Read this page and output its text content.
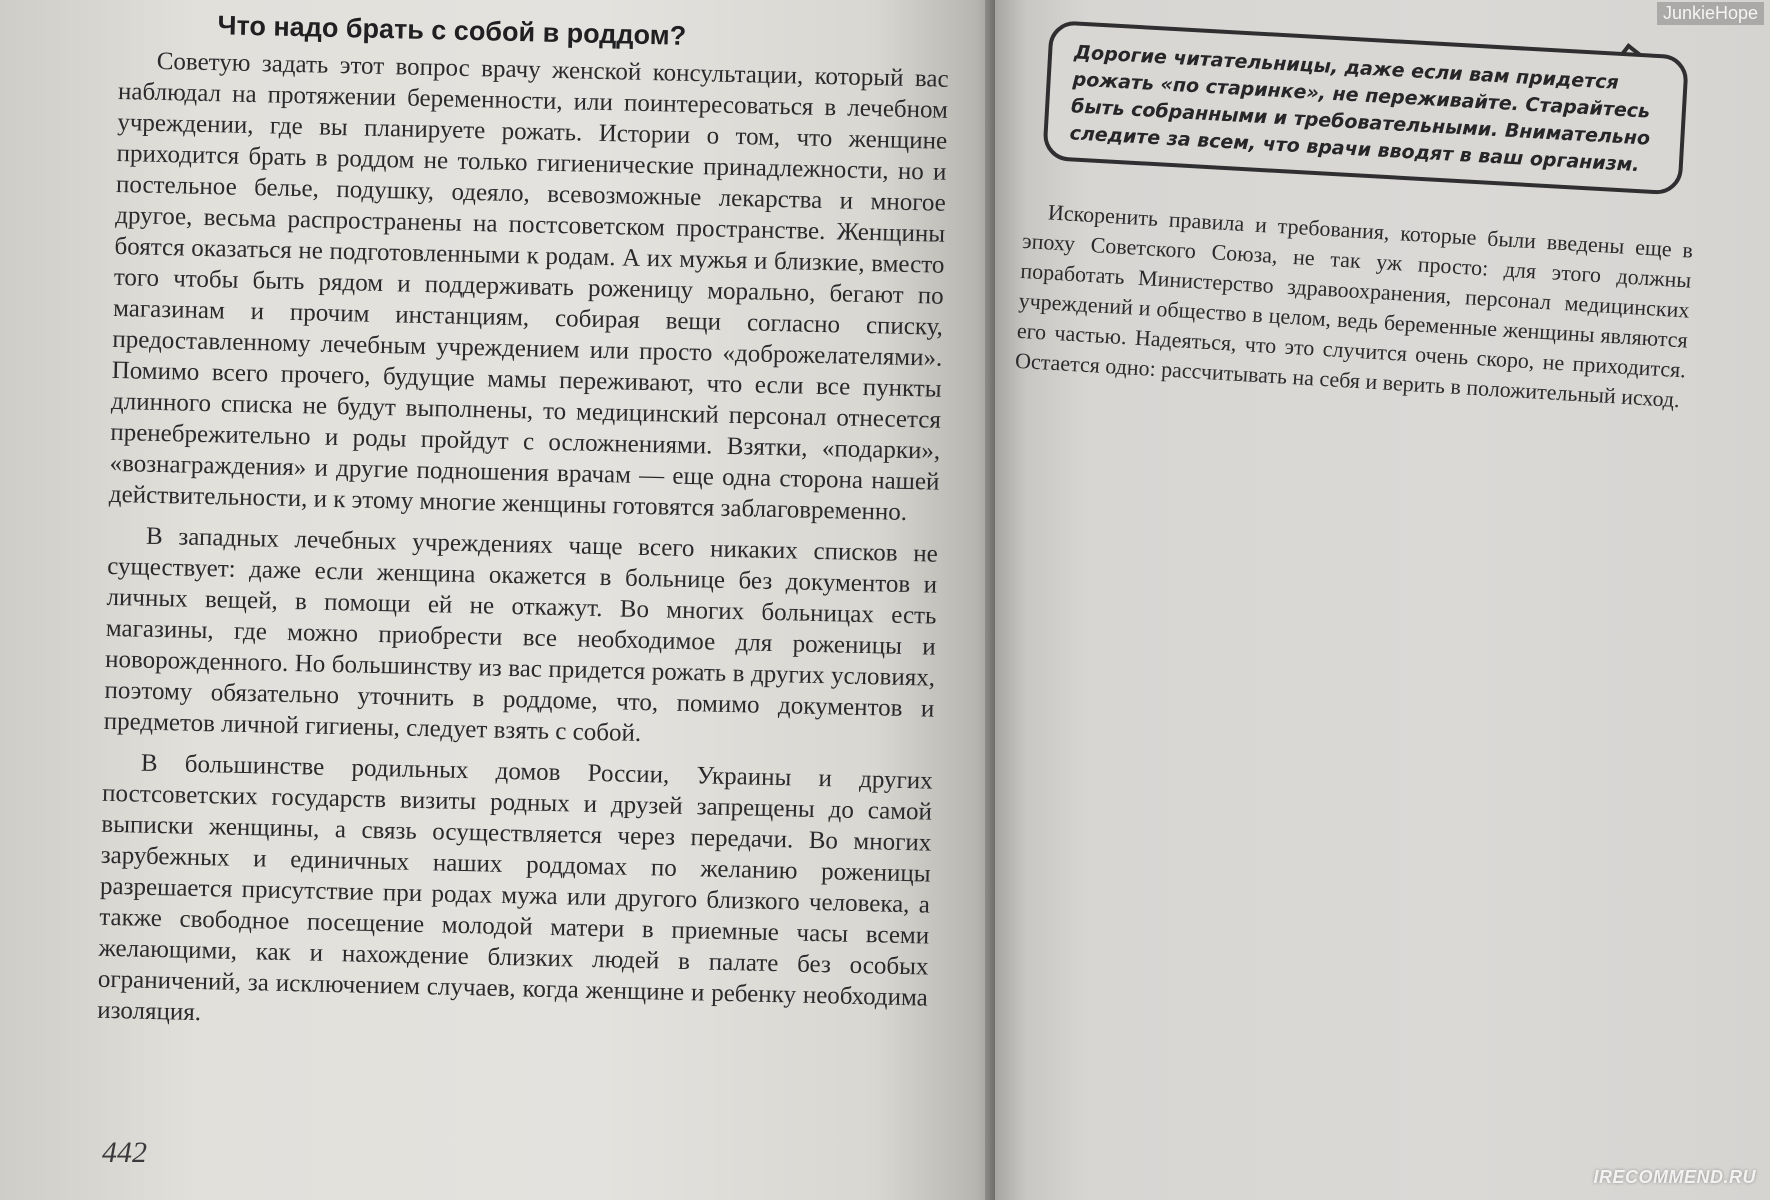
Что надо брать с собой в роддом?

Советую задать этот вопрос врачу женской консультации, который вас наблюдал на протяжении беременности, или поинтересоваться в лечебном учреждении, где вы планируете рожать. Истории о том, что женщине приходится брать в роддом не только гигиенические принадлежности, но и постельное белье, подушку, одеяло, всевозможные лекарства и многое другое, весьма распространены на постсоветском пространстве. Женщины боятся оказаться не подготовленными к родам. А их мужья и близкие, вместо того чтобы быть рядом и поддерживать роженицу морально, бегают по магазинам и прочим инстанциям, собирая вещи согласно списку, предоставленному лечебным учреждением или просто «доброжелателями». Помимо всего прочего, будущие мамы переживают, что если все пункты длинного списка не будут выполнены, то медицинский персонал отнесется пренебрежительно и роды пройдут с осложнениями. Взятки, «подарки», «вознаграждения» и другие подношения врачам — еще одна сторона нашей действительности, и к этому многие женщины готовятся заблаговременно.

В западных лечебных учреждениях чаще всего никаких списков не существует: даже если женщина окажется в больнице без документов и личных вещей, в помощи ей не откажут. Во многих больницах есть магазины, где можно приобрести все необходимое для роженицы и новорожденного. Но большинству из вас придется рожать в других условиях, поэтому обязательно уточнить в роддоме, что, помимо документов и предметов личной гигиены, следует взять с собой.

В большинстве родильных домов России, Украины и других постсоветских государств визиты родных и друзей запрещены до самой выписки женщины, а связь осуществляется через передачи. Во многих зарубежных и единичных наших роддомах по желанию роженицы разрешается присутствие при родах мужа или другого близкого человека, а также свободное посещение молодой матери в приемные часы всеми желающими, как и нахождение близких людей в палате без особых ограничений, за исключением случаев, когда женщине и ребенку необходима изоляция.

442
Дорогие читательницы, даже если вам придется рожать «по старинке», не переживайте. Старайтесь быть собранными и требовательными. Внимательно следите за всем, что врачи вводят в ваш организм.

Искоренить правила и требования, которые были введены еще в эпоху Советского Союза, не так уж просто: для этого должны поработать Министерство здравоохранения, персонал медицинских учреждений и общество в целом, ведь беременные женщины являются его частью. Надеяться, что это случится очень скоро, не приходится. Остается одно: рассчитывать на себя и верить в положительный исход.

JunkieHope
IRECOMMEND.RU
